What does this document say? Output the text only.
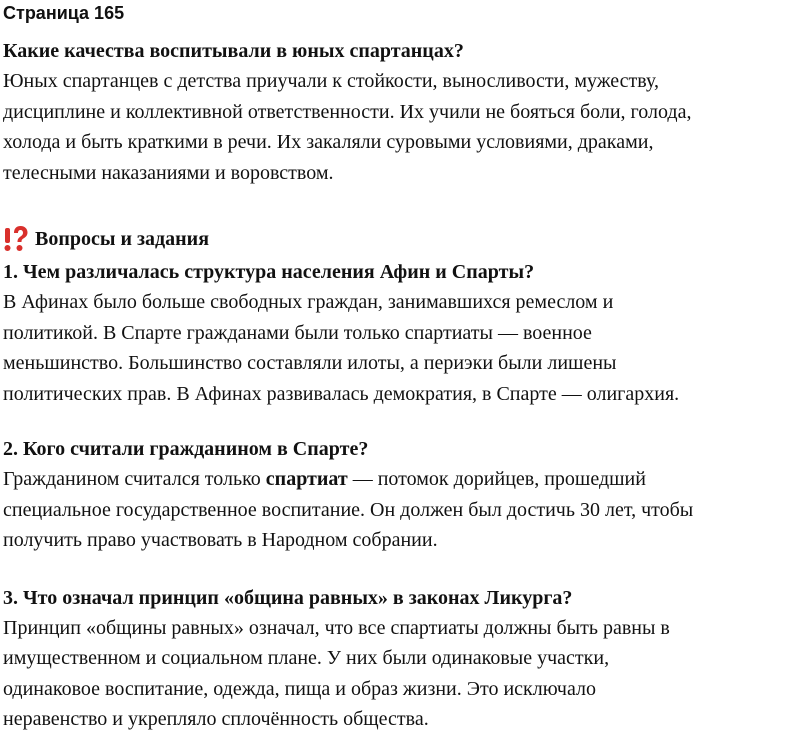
Страница 165

Какие качества воспитывали в юных спартанцах?

Юных спартанцев с детства приучали к стойкости, выносливости, мужеству,

дисциплине и коллективной ответственности. Их учили не бояться боли, голода,

холода и быть краткими в речи. Их закаляли суровыми условиями, драками,

телесными наказаниями и воровством.

Вопросы и задания

1. Чем различалась структура населения Афин и Спарты?

В Афинах было больше свободных граждан, занимавшихся ремеслом и

политикой. В Спарте гражданами были только спартиаты — военное

меньшинство. Большинство составляли илоты, а периэки были лишены

политических прав. В Афинах развивалась демократия, в Спарте — олигархия.

2. Кого считали гражданином в Спарте?

Гражданином считался только спартиат — потомок дорийцев, прошедший

специальное государственное воспитание. Он должен был достичь 30 лет, чтобы

получить право участвовать в Народном собрании.

3. Что означал принцип «община равных» в законах Ликурга?

Принцип «общины равных» означал, что все спартиаты должны быть равны в

имущественном и социальном плане. У них были одинаковые участки,

одинаковое воспитание, одежда, пища и образ жизни. Это исключало

неравенство и укрепляло сплочённость общества.
